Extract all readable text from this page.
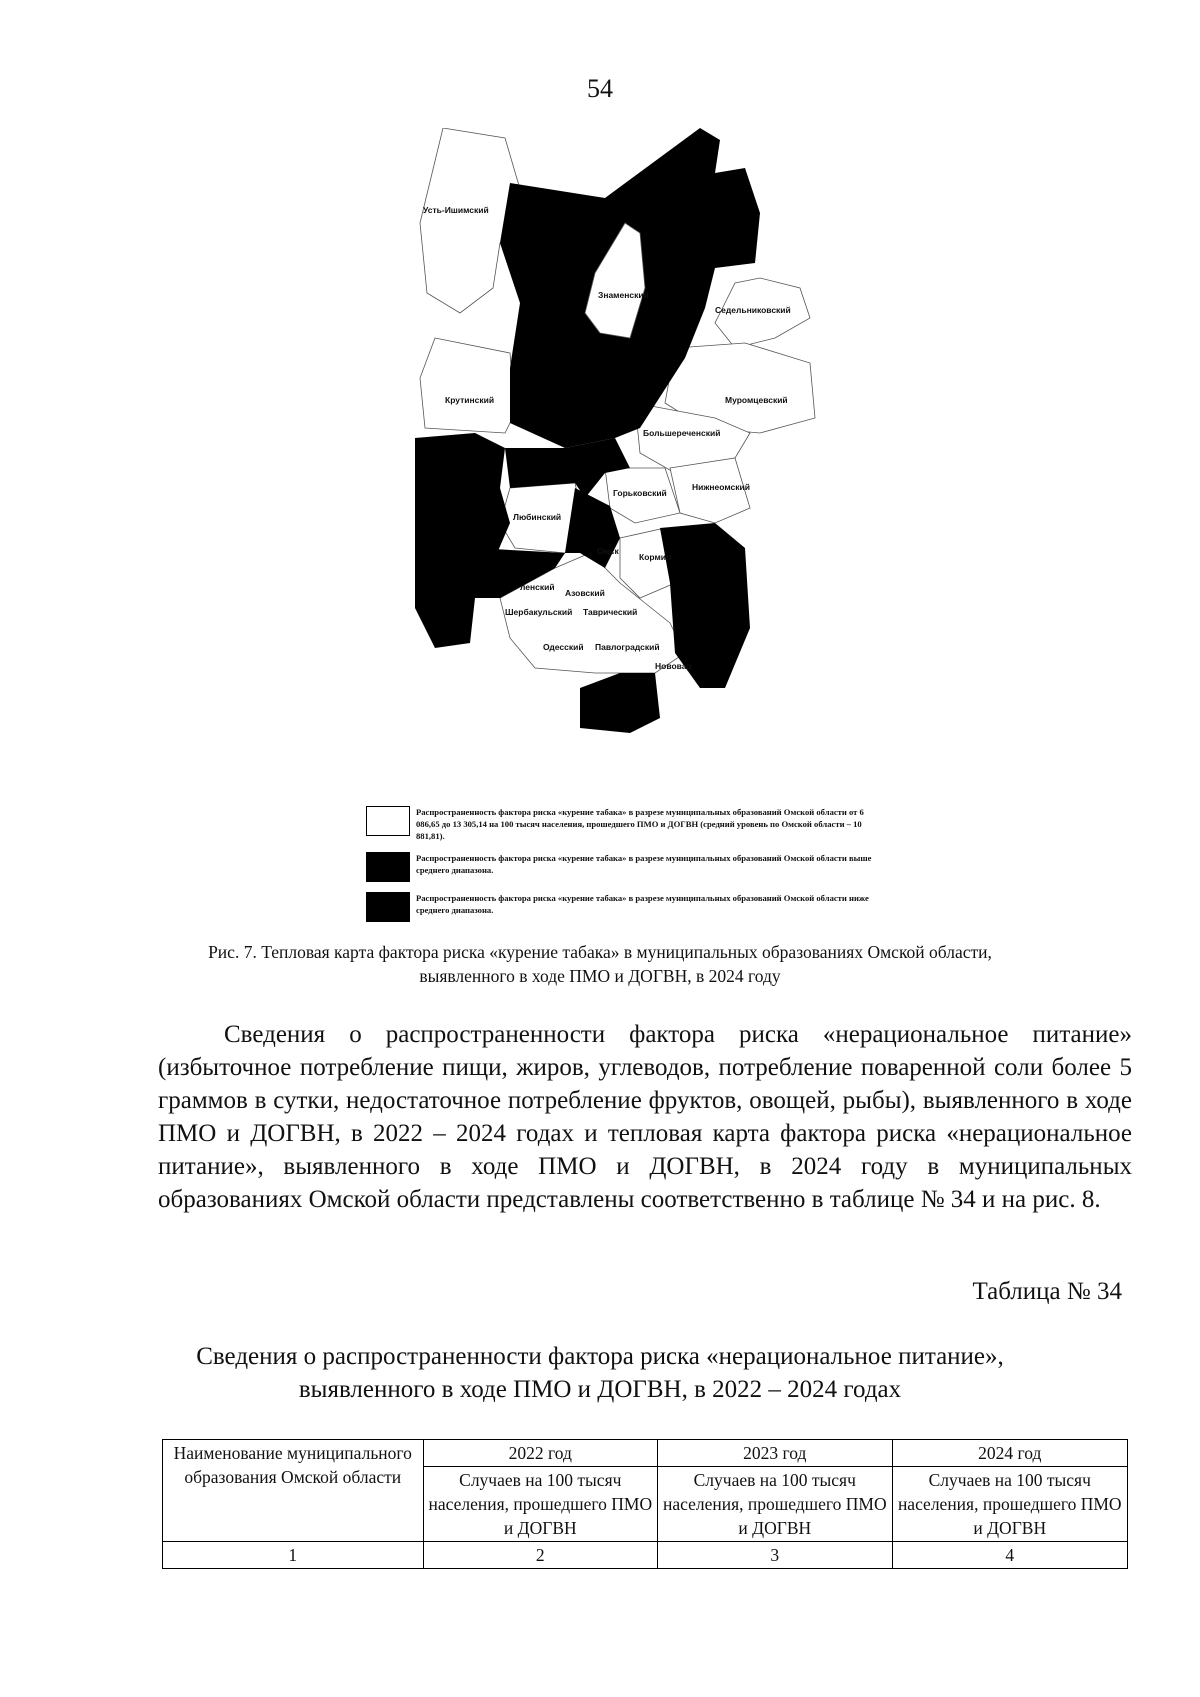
54
Усть-Ишимский
Знаменский
Седельниковский
Крутинский	Муромцевский
Большереченский
Нижнеомский
Горьковский
Любинский
Омск
Кормил
ленский
Азовский
Шербакульский Таврический
Одесский Павлоградский
Нововар
Распространенность фактора риска «курение табака» в разрезе муниципальных образований Омской области от 6 086,65 до 13 305,14 на 100 тысяч населения, прошедшего ПМО и ДОГВН (средний уровень по Омской области – 10 881,81).
Распространенность фактора риска «курение табака» в разрезе муниципальных образований Омской области выше среднего диапазона.
Распространенность фактора риска «курение табака» в разрезе муниципальных образований Омской области ниже среднего диапазона.
Рис. 7. Тепловая карта фактора риска «курение табака» в муниципальных образованиях Омской области,
выявленного в ходе ПМО и ДОГВН, в 2024 году

Сведения о распространенности фактора риска «нерациональное питание» (избыточное потребление пищи, жиров, углеводов, потребление поваренной соли более 5 граммов в сутки, недостаточное потребление фруктов, овощей, рыбы), выявленного в ходе ПМО и ДОГВН, в 2022 – 2024 годах и тепловая карта фактора риска «нерациональное питание», выявленного в ходе ПМО и ДОГВН, в 2024 году в муниципальных образованиях Омской области представлены соответственно в таблице № 34 и на рис. 8.

Таблица № 34
Сведения о распространенности фактора риска «нерациональное питание»,
выявленного в ходе ПМО и ДОГВН, в 2022 – 2024 годах
Наименование муниципального образования Омской области	2022 год	2023 год	2024 год
	Случаев на 100 тысяч населения, прошедшего ПМО и ДОГВН	Случаев на 100 тысяч населения, прошедшего ПМО и ДОГВН	Случаев на 100 тысяч населения, прошедшего ПМО и ДОГВН
1	2	3	4
